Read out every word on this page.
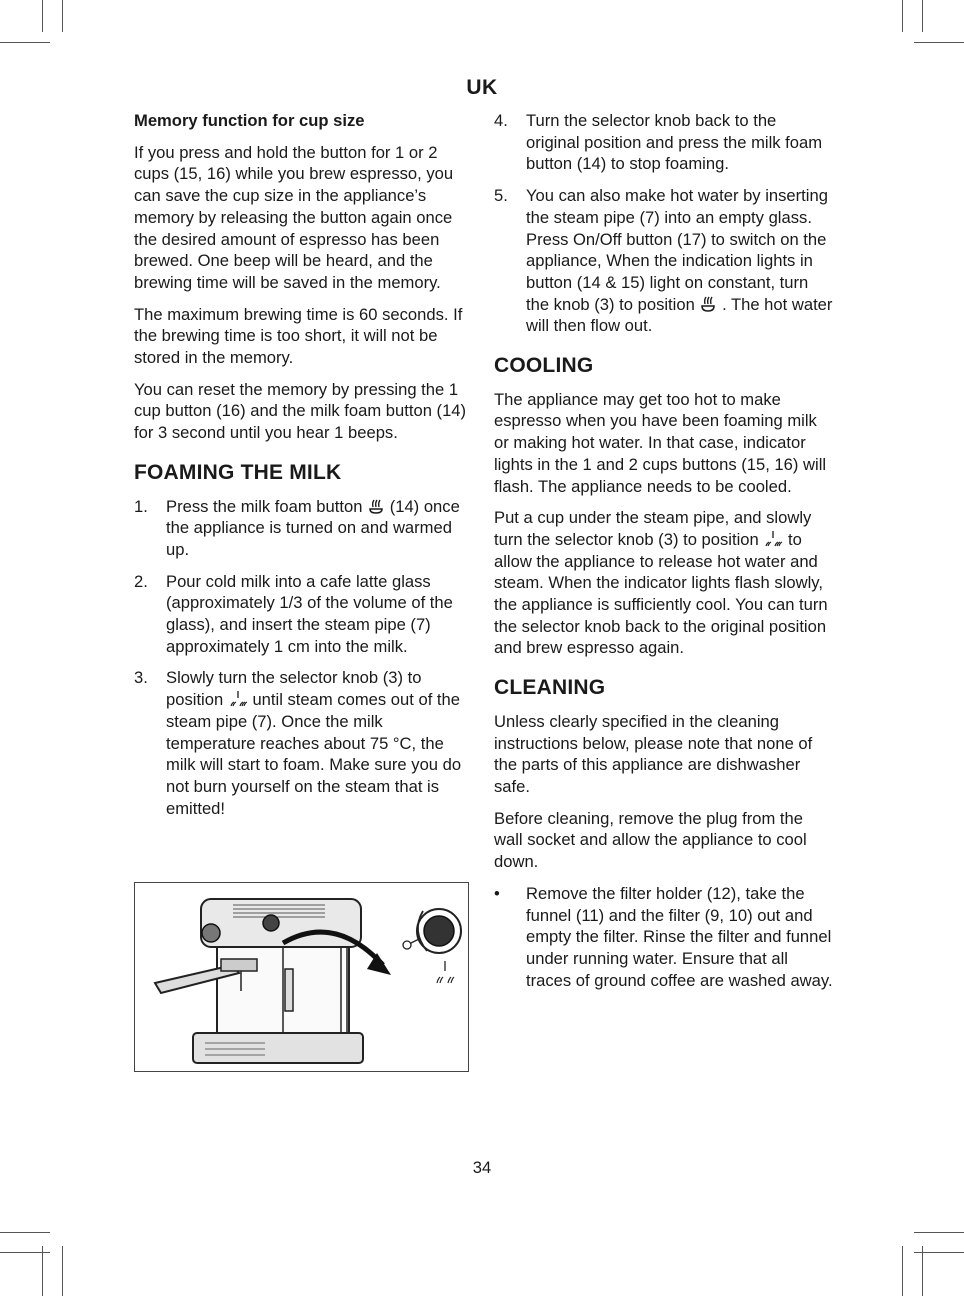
UK
Memory function for cup size

If you press and hold the button for 1 or 2 cups (15, 16) while you brew espresso, you can save the cup size in the appliance’s memory by releasing the button again once the desired amount of espresso has been brewed. One beep will be heard, and the brewing time will be saved in the memory.

The maximum brewing time is 60 seconds. If the brewing time is too short, it will not be stored in the memory.

You can reset the memory by pressing the 1 cup button (16) and the milk foam button (14) for 3 second until you hear 1 beeps.

FOAMING THE MILK
1. Press the milk foam button (14) once the appliance is turned on and warmed up.
2. Pour cold milk into a cafe latte glass (approximately 1/3 of the volume of the glass), and insert the steam pipe (7) approximately 1 cm into the milk.
3. Slowly turn the selector knob (3) to position until steam comes out of the steam pipe (7). Once the milk temperature reaches about 75 °C, the milk will start to foam. Make sure you do not burn yourself on the steam that is emitted!
4. Turn the selector knob back to the original position and press the milk foam button (14) to stop foaming.
5. You can also make hot water by inserting the steam pipe (7) into an empty glass. Press On/Off button (17) to switch on the appliance, When the indication lights in button (14 & 15) light on constant, turn the knob (3) to position . The hot water will then flow out.
COOLING

The appliance may get too hot to make espresso when you have been foaming milk or making hot water. In that case, indicator lights in the 1 and 2 cups buttons (15, 16) will flash. The appliance needs to be cooled.

Put a cup under the steam pipe, and slowly turn the selector knob (3) to position to allow the appliance to release hot water and steam. When the indicator lights flash slowly, the appliance is sufficiently cool. You can turn the selector knob back to the original position and brew espresso again.

CLEANING

Unless clearly specified in the cleaning instructions below, please note that none of the parts of this appliance are dishwasher safe.

Before cleaning, remove the plug from the wall socket and allow the appliance to cool down.

• Remove the filter holder (12), take the funnel (11) and the filter (9, 10) out and empty the filter. Rinse the filter and funnel under running water. Ensure that all traces of ground coffee are washed away.
34
